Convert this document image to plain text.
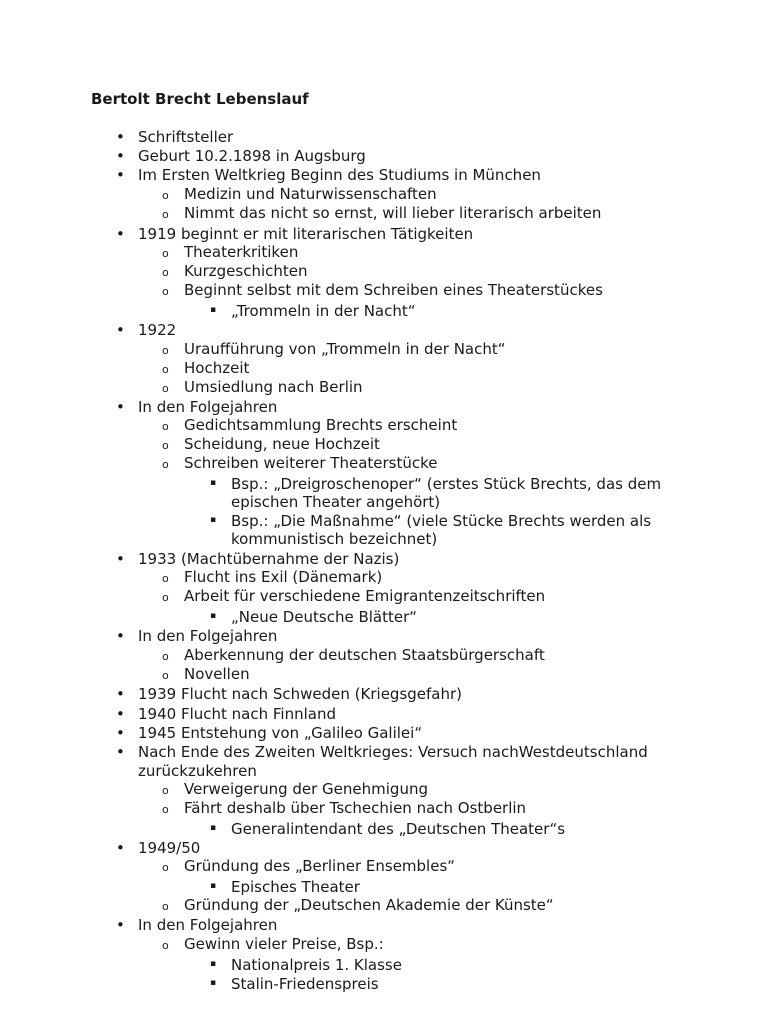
Bertolt Brecht Lebenslauf
• Schriftsteller
• Geburt 10.2.1898 in Augsburg
• Im Ersten Weltkrieg Beginn des Studiums in München
o Medizin und Naturwissenschaften
o Nimmt das nicht so ernst, will lieber literarisch arbeiten
• 1919 beginnt er mit literarischen Tätigkeiten
o Theaterkritiken
o Kurzgeschichten
o Beginnt selbst mit dem Schreiben eines Theaterstückes
▪ „Trommeln in der Nacht“
• 1922
o Uraufführung von „Trommeln in der Nacht“
o Hochzeit
o Umsiedlung nach Berlin
• In den Folgejahren
o Gedichtsammlung Brechts erscheint
o Scheidung, neue Hochzeit
o Schreiben weiterer Theaterstücke
▪ Bsp.: „Dreigroschenoper“ (erstes Stück Brechts, das dem
epischen Theater angehört)
▪ Bsp.: „Die Maßnahme“ (viele Stücke Brechts werden als
kommunistisch bezeichnet)
• 1933 (Machtübernahme der Nazis)
o Flucht ins Exil (Dänemark)
o Arbeit für verschiedene Emigrantenzeitschriften
▪ „Neue Deutsche Blätter“
• In den Folgejahren
o Aberkennung der deutschen Staatsbürgerschaft
o Novellen
• 1939 Flucht nach Schweden (Kriegsgefahr)
• 1940 Flucht nach Finnland
• 1945 Entstehung von „Galileo Galilei“
• Nach Ende des Zweiten Weltkrieges: Versuch nachWestdeutschland
zurückzukehren
o Verweigerung der Genehmigung
o Fährt deshalb über Tschechien nach Ostberlin
▪ Generalintendant des „Deutschen Theater“s
• 1949/50
o Gründung des „Berliner Ensembles“
▪ Episches Theater
o Gründung der „Deutschen Akademie der Künste“
• In den Folgejahren
o Gewinn vieler Preise, Bsp.:
▪ Nationalpreis 1. Klasse
▪ Stalin-Friedenspreis
